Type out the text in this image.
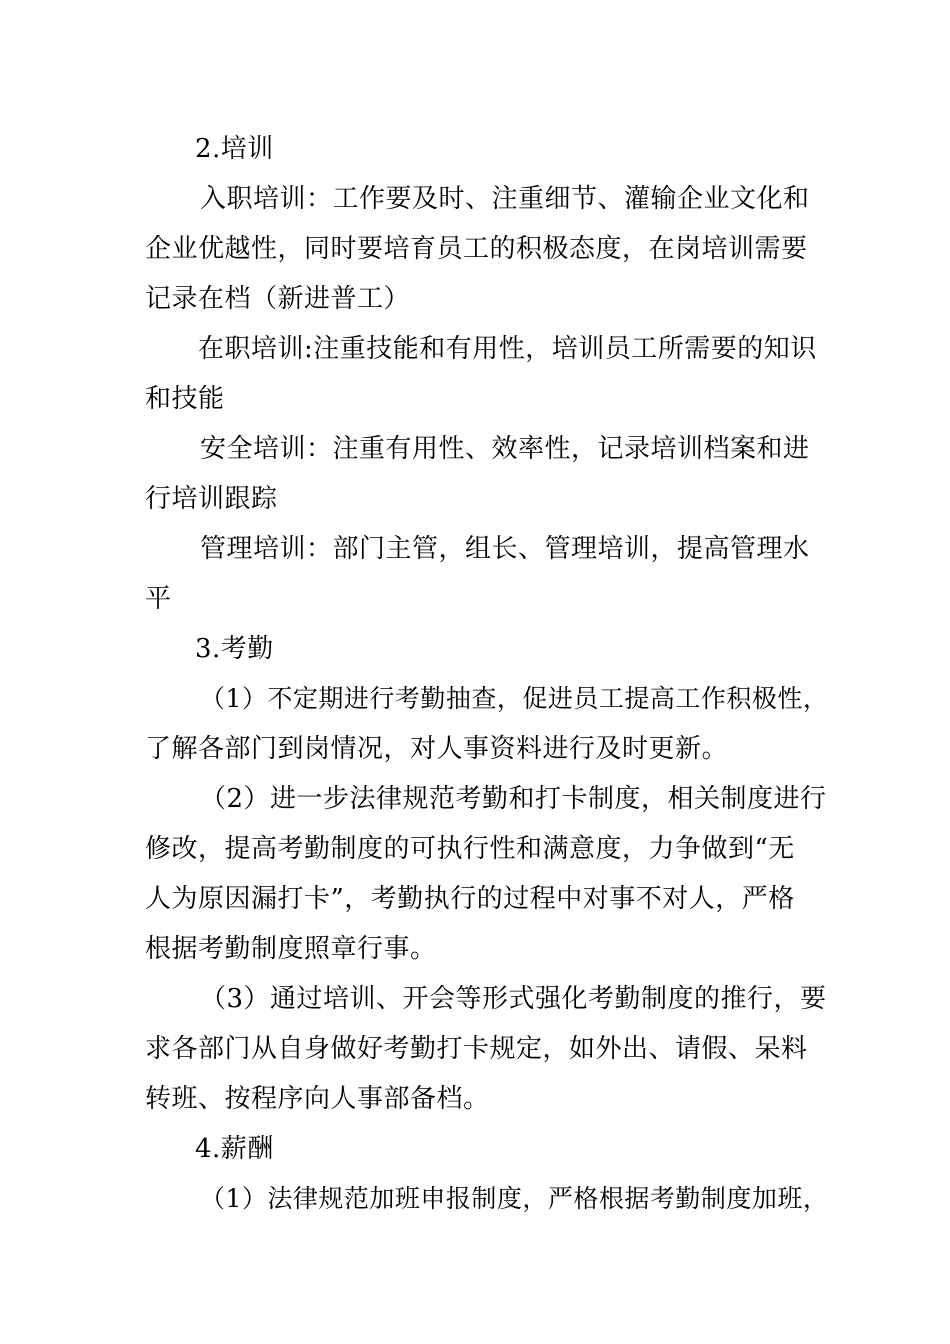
2.培训
入职培训：工作要及时、注重细节、灌输企业文化和
企业优越性，同时要培育员工的积极态度，在岗培训需要
记录在档（新进普工）
在职培训:注重技能和有用性，培训员工所需要的知识
和技能
安全培训：注重有用性、效率性，记录培训档案和进
行培训跟踪
管理培训：部门主管，组长、管理培训，提高管理水
平
3.考勤
（1）不定期进行考勤抽查，促进员工提高工作积极性，
了解各部门到岗情况，对人事资料进行及时更新。
（2）进一步法律规范考勤和打卡制度，相关制度进行
修改，提高考勤制度的可执行性和满意度，力争做到“无
人为原因漏打卡”，考勤执行的过程中对事不对人，严格
根据考勤制度照章行事。
（3）通过培训、开会等形式强化考勤制度的推行，要
求各部门从自身做好考勤打卡规定，如外出、请假、呆料
转班、按程序向人事部备档。
4.薪酬
（1）法律规范加班申报制度，严格根据考勤制度加班，
